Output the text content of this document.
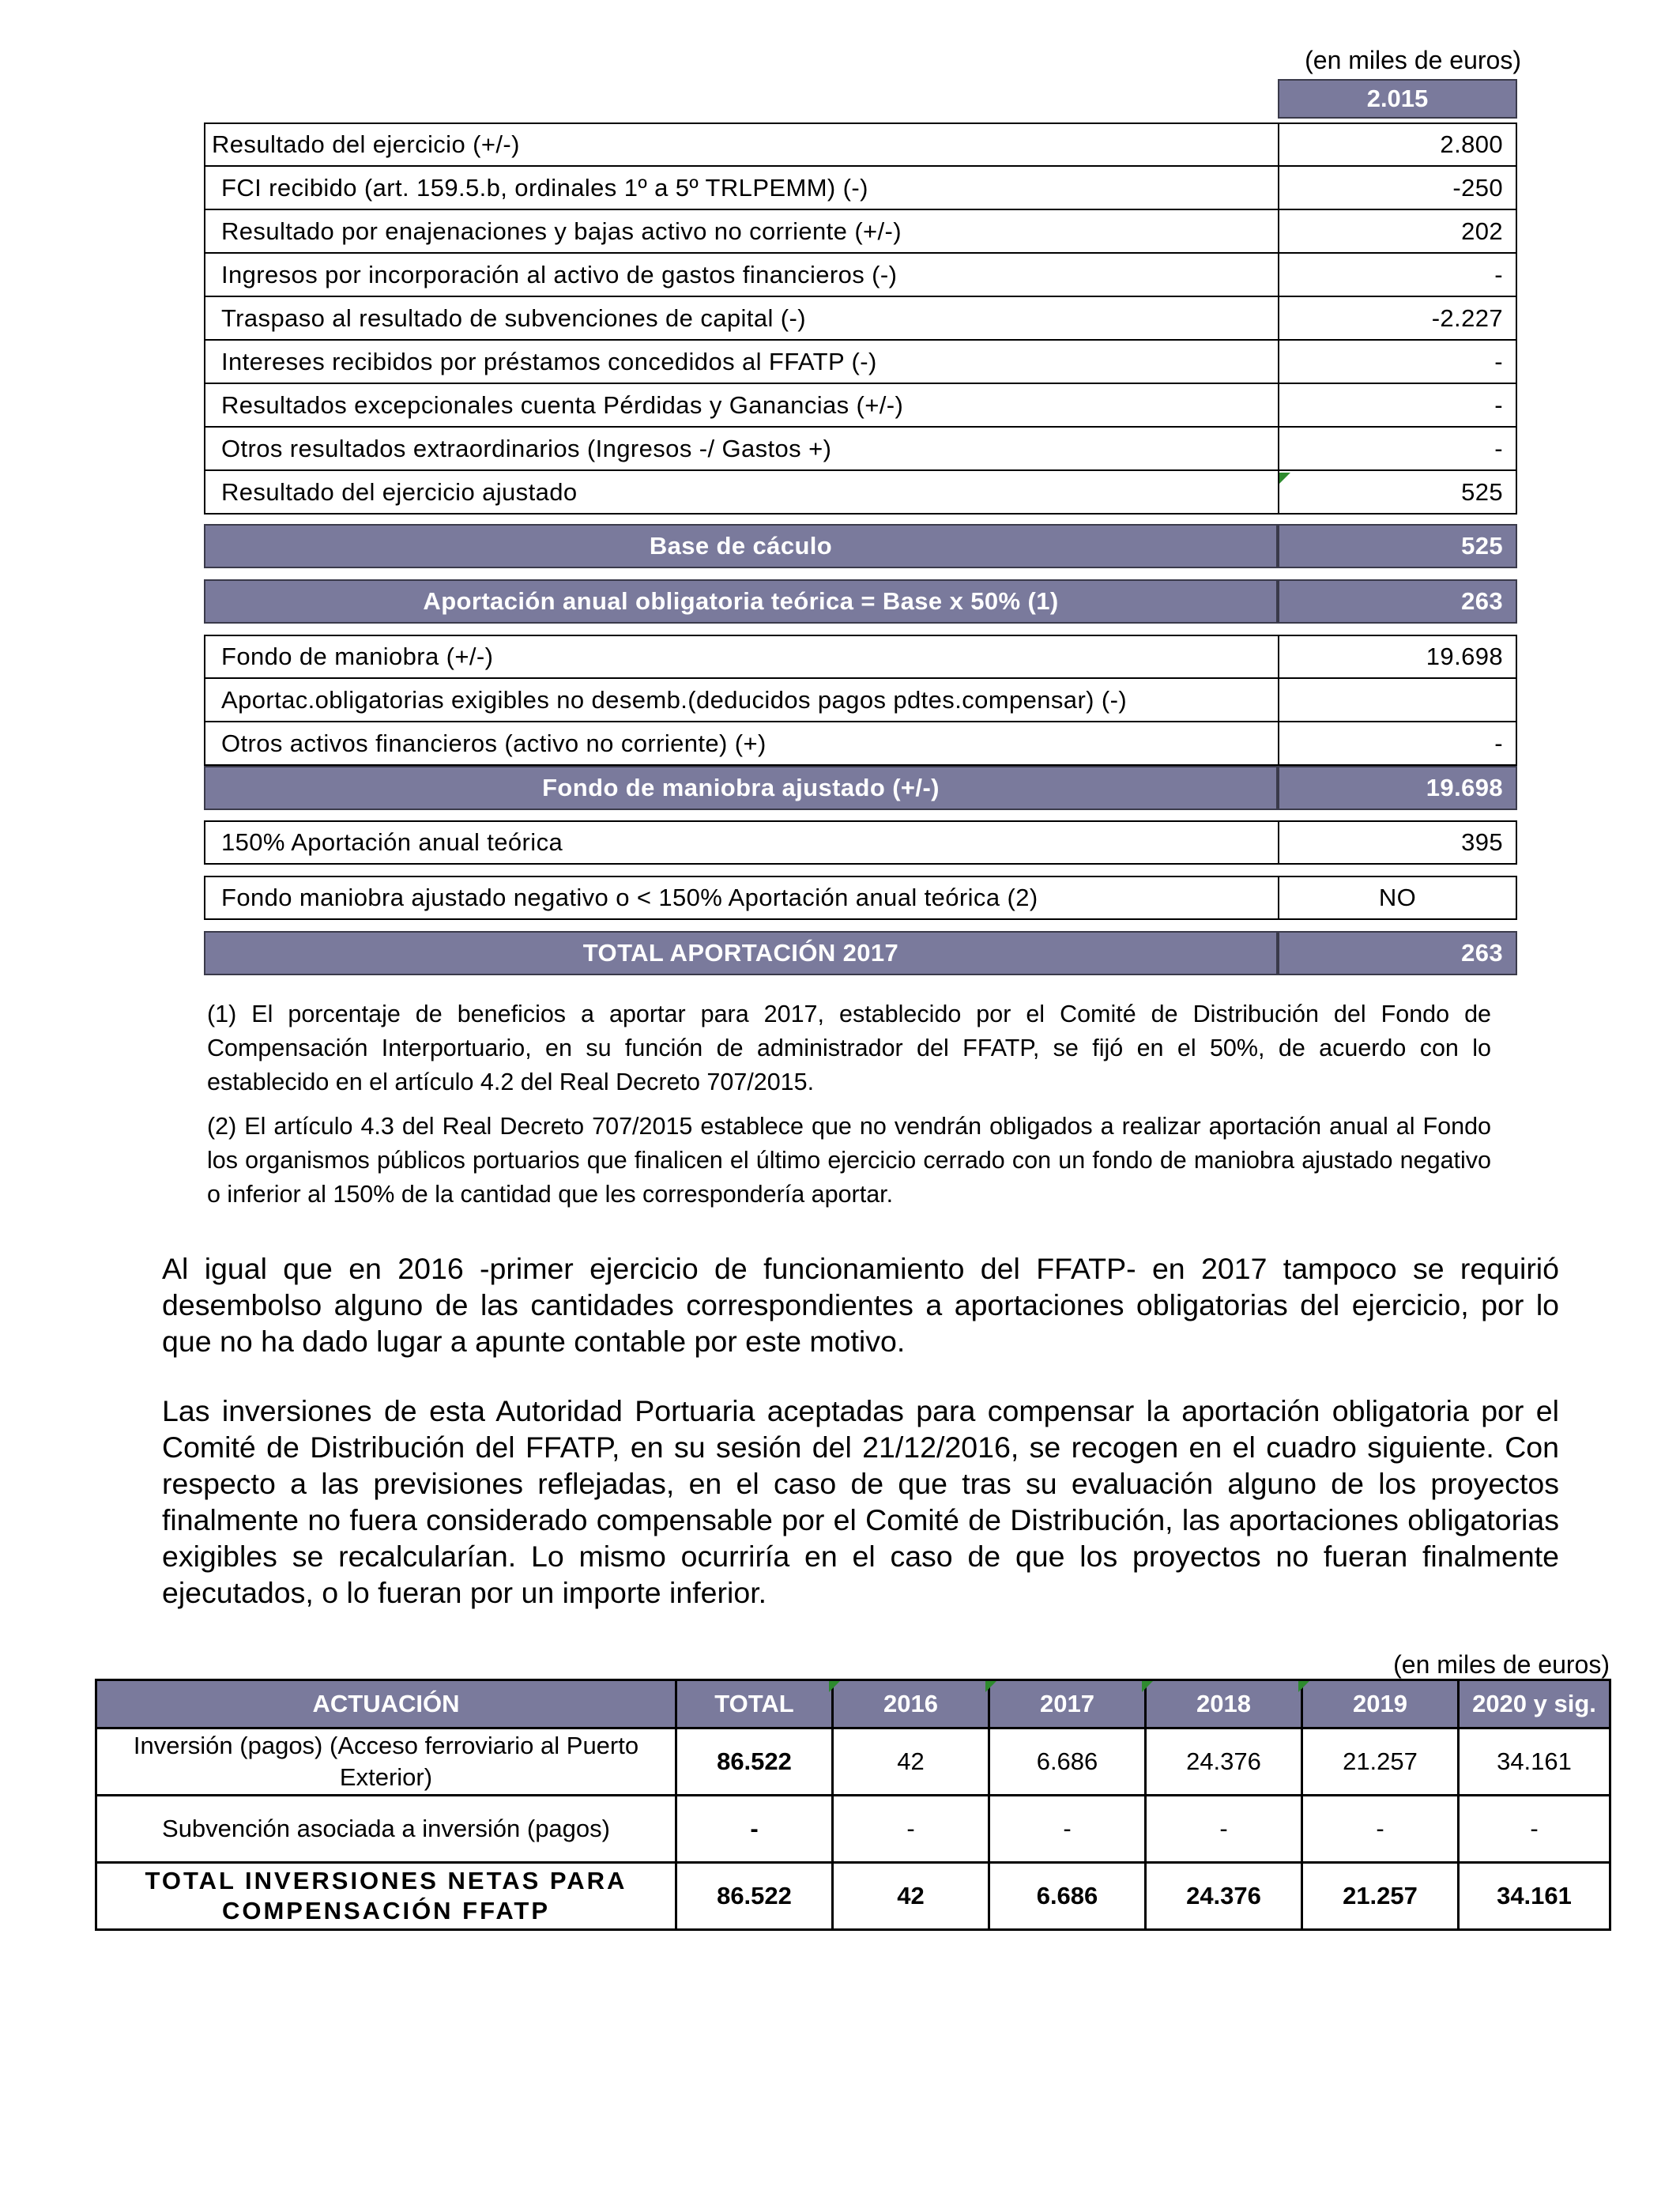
(en miles de euros)
2.015
Resultado del ejercicio (+/-)	2.800
FCI recibido (art. 159.5.b, ordinales 1º a 5º TRLPEMM) (-)	-250
Resultado por enajenaciones y bajas activo no corriente (+/-)	202
Ingresos por incorporación al activo de gastos financieros (-)	-
Traspaso al resultado de subvenciones de capital (-)	-2.227
Intereses recibidos por préstamos concedidos al FFATP (-)	-
Resultados excepcionales cuenta Pérdidas y Ganancias (+/-)	-
Otros resultados extraordinarios (Ingresos -/ Gastos +)	-
Resultado del ejercicio ajustado	525
Base de cáculo	525
Aportación anual obligatoria teórica = Base x 50% (1)	263
Fondo de maniobra (+/-)	19.698
Aportac.obligatorias exigibles no desemb.(deducidos pagos pdtes.compensar) (-)
Otros activos financieros (activo no corriente) (+)	-
Fondo de maniobra ajustado (+/-)	19.698
150% Aportación anual teórica	395
Fondo maniobra ajustado negativo o < 150% Aportación anual teórica (2)	NO
TOTAL APORTACIÓN 2017	263
(1) El porcentaje de beneficios a aportar para 2017, establecido por el Comité de Distribución del Fondo de Compensación Interportuario, en su función de administrador del FFATP, se fijó en el 50%, de acuerdo con lo establecido en el artículo 4.2 del Real Decreto 707/2015.
(2) El artículo 4.3 del Real Decreto 707/2015 establece que no vendrán obligados a realizar aportación anual al Fondo los organismos públicos portuarios que finalicen el último ejercicio cerrado con un fondo de maniobra ajustado negativo o inferior al 150% de la cantidad que les correspondería aportar.
Al igual que en 2016 -primer ejercicio de funcionamiento del FFATP- en 2017 tampoco se requirió desembolso alguno de las cantidades correspondientes a aportaciones obligatorias del ejercicio, por lo que no ha dado lugar a apunte contable por este motivo.
Las inversiones de esta Autoridad Portuaria aceptadas para compensar la aportación obligatoria por el Comité de Distribución del FFATP, en su sesión del 21/12/2016, se recogen en el cuadro siguiente. Con respecto a las previsiones reflejadas, en el caso de que tras su evaluación alguno de los proyectos finalmente no fuera considerado compensable por el Comité de Distribución, las aportaciones obligatorias exigibles se recalcularían. Lo mismo ocurriría en el caso de que los proyectos no fueran finalmente ejecutados, o lo fueran por un importe inferior.
(en miles de euros)
ACTUACIÓN	TOTAL	2016	2017	2018	2019	2020 y sig.
Inversión (pagos) (Acceso ferroviario al Puerto Exterior)	86.522	42	6.686	24.376	21.257	34.161
Subvención asociada a inversión (pagos)	-	-	-	-	-	-
TOTAL INVERSIONES NETAS PARA COMPENSACIÓN FFATP	86.522	42	6.686	24.376	21.257	34.161
